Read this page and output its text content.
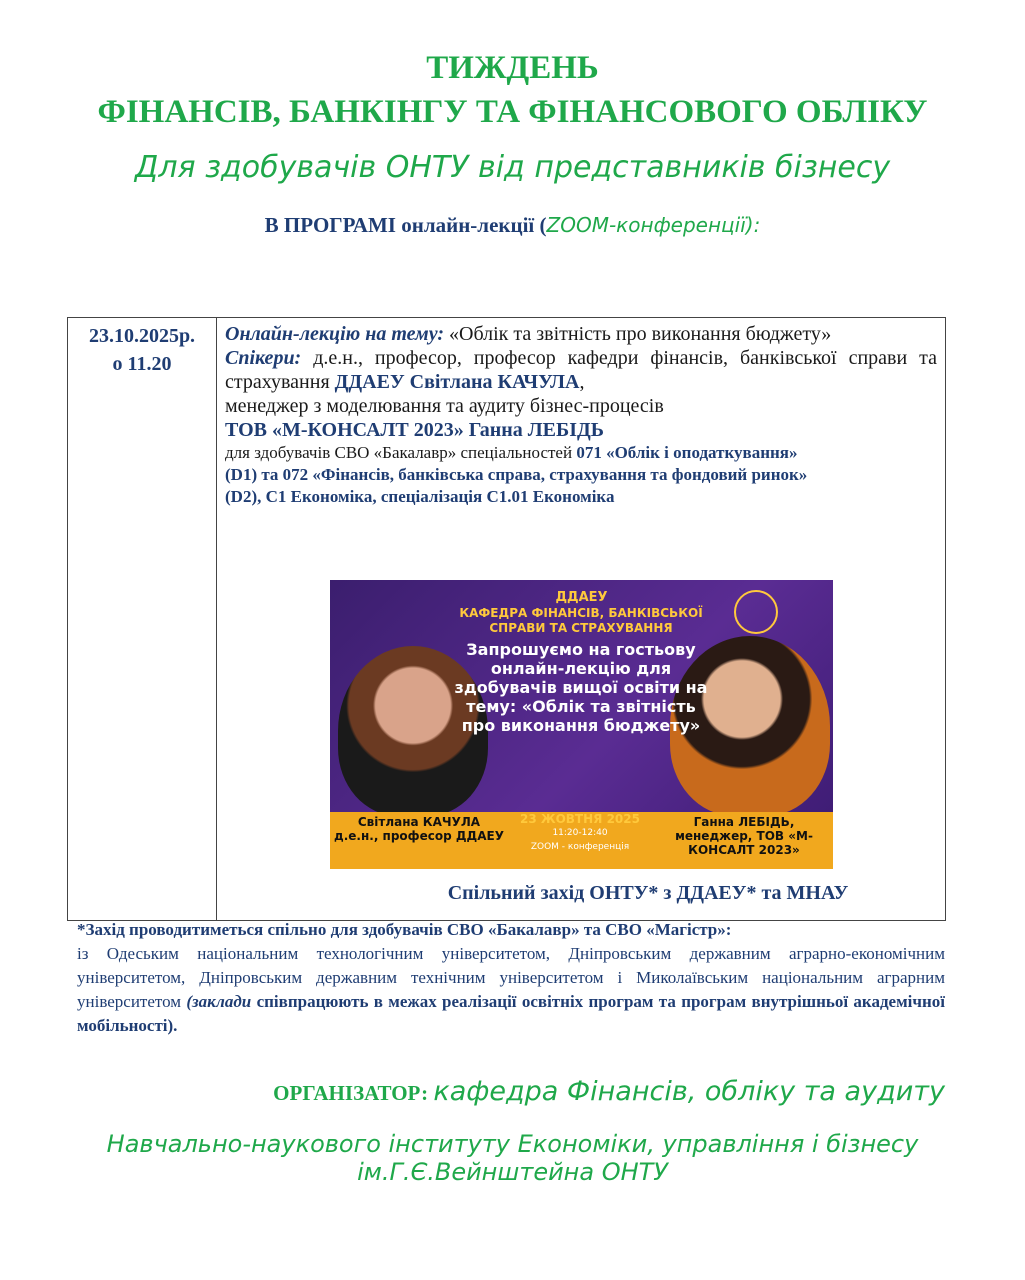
ТИЖДЕНЬ
ФІНАНСІВ, БАНКІНГУ ТА ФІНАНСОВОГО ОБЛІКУ
Для здобувачів ОНТУ від представників бізнесу
В ПРОГРАМІ онлайн-лекції (ZOOM-конференції):
23.10.2025р.
о 11.20

Онлайн-лекцію на тему: «Облік та звітність про виконання бюджету»
Спікери: д.е.н., професор, професор кафедри фінансів, банківської справи та страхування ДДАЕУ Світлана КАЧУЛА,
менеджер з моделювання та аудиту бізнес-процесів
ТОВ «М-КОНСАЛТ 2023» Ганна ЛЕБІДЬ
для здобувачів СВО «Бакалавр» спеціальностей 071 «Облік і оподаткування»
(D1) та 072 «Фінансів, банківська справа, страхування та фондовий ринок»
(D2), С1 Економіка, спеціалізація С1.01 Економіка
ДДАЕУ
КАФЕДРА ФІНАНСІВ, БАНКІВСЬКОЇ СПРАВИ ТА СТРАХУВАННЯ
Запрошуємо на гостьову онлайн-лекцію для здобувачів вищої освіти на тему: «Облік та звітність про виконання бюджету»
Світлана КАЧУЛА д.е.н., професор ДДАЕУ
Ганна ЛЕБІДЬ, менеджер, ТОВ «М-КОНСАЛТ 2023»
23 ЖОВТНЯ 2025
11:20-12:40
ZOOM - конференція
Спільний захід ОНТУ* з ДДАЕУ* та МНАУ
*Захід проводитиметься спільно для здобувачів СВО «Бакалавр» та СВО «Магістр»:
із Одеським національним технологічним університетом, Дніпровським державним аграрно-економічним університетом, Дніпровським державним технічним університетом і Миколаївським національним аграрним університетом (заклади співпрацюють в межах реалізації освітніх програм та програм внутрішньої академічної мобільності).
ОРГАНІЗАТОР: кафедра Фінансів, обліку та аудиту
Навчально-наукового інституту Економіки, управління і бізнесу ім.Г.Є.Вейнштейна ОНТУ
